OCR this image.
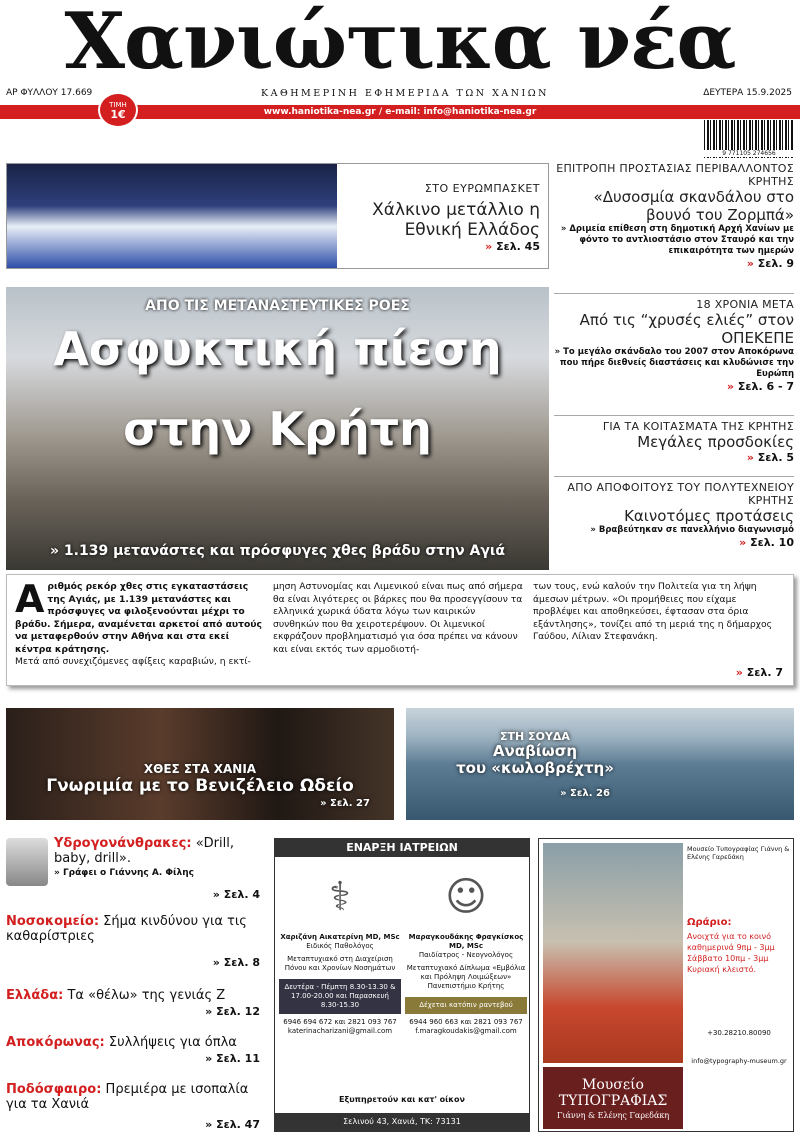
Χανιώτικα νέα
ΑΡ ΦΥΛΛΟΥ 17.669	ΚΑΘΗΜΕΡΙΝΗ ΕΦΗΜΕΡΙΔΑ ΤΩΝ ΧΑΝΙΩΝ	ΔΕΥΤΕΡΑ 15.9.2025
www.haniotika-nea.gr / e-mail: info@haniotika-nea.gr
ΤΙΜΗ
1€
9 771105 274656
ΣΤΟ ΕΥΡΩΜΠΑΣΚΕΤ
Χάλκινο μετάλλιο η Εθνική Ελλάδος
» Σελ. 45
ΑΠΟ ΤΙΣ ΜΕΤΑΝΑΣΤΕΥΤΙΚΕΣ ΡΟΕΣ
Ασφυκτική πίεση
στην Κρήτη
» 1.139 μετανάστες και πρόσφυγες χθες βράδυ στην Αγιά
Α ριθμός ρεκόρ χθες στις εγκαταστάσεις της Αγιάς, με 1.139 μετανάστες και πρόσφυγες να φιλοξενούνται μέχρι το βράδυ. Σήμερα, αναμένεται αρκετοί από αυτούς να μεταφερθούν στην Αθήνα και στα εκεί κέντρα κράτησης.
Μετά από συνεχιζόμενες αφίξεις καραβιών, η εκτί-
μηση Αστυνομίας και Λιμενικού είναι πως από σήμερα θα είναι λιγότερες οι βάρκες που θα προσεγγίσουν τα ελληνικά χωρικά ύδατα λόγω των καιρικών συνθηκών που θα χειροτερέψουν. Οι λιμενικοί εκφράζουν προβληματισμό για όσα πρέπει να κάνουν και είναι εκτός των αρμοδιοτή-
των τους, ενώ καλούν την Πολιτεία για τη λήψη άμεσων μέτρων. «Οι προμήθειες που είχαμε προβλέψει και αποθηκεύσει, έφτασαν στα όρια εξάντλησης», τονίζει από τη μεριά της η δήμαρχος Γαύδου, Λίλιαν Στεφανάκη.
» Σελ. 7
ΕΠΙΤΡΟΠΗ ΠΡΟΣΤΑΣΙΑΣ ΠΕΡΙΒΑΛΛΟΝΤΟΣ ΚΡΗΤΗΣ
«Δυσοσμία σκανδάλου στο βουνό του Ζορμπά»
» Δριμεία επίθεση στη δημοτική Αρχή Χανίων με φόντο το αντλιοστάσιο στον Σταυρό και την επικαιρότητα των ημερών
» Σελ. 9
18 ΧΡΟΝΙΑ ΜΕΤΑ
Από τις “χρυσές ελιές” στον ΟΠΕΚΕΠΕ
» Το μεγάλο σκάνδαλο του 2007 στον Αποκόρωνα που πήρε διεθνείς διαστάσεις και κλυδώνισε την Ευρώπη
» Σελ. 6 - 7
ΓΙΑ ΤΑ ΚΟΙΤΑΣΜΑΤΑ ΤΗΣ ΚΡΗΤΗΣ
Μεγάλες προσδοκίες
» Σελ. 5
ΑΠΟ ΑΠΟΦΟΙΤΟΥΣ ΤΟΥ ΠΟΛΥΤΕΧΝΕΙΟΥ ΚΡΗΤΗΣ
Καινοτόμες προτάσεις
» Βραβεύτηκαν σε πανελλήνιο διαγωνισμό
» Σελ. 10
ΧΘΕΣ ΣΤΑ ΧΑΝΙΑ
Γνωριμία με το Βενιζέλειο Ωδείο
» Σελ. 27
ΣΤΗ ΣΟΥΔΑ
Αναβίωση
του «κωλοβρέχτη»
» Σελ. 26
Υδρογονάνθρακες: «Drill, baby, drill».
» Γράφει ο Γιάννης Α. Φίλης
» Σελ. 4
Νοσοκομείο: Σήμα κινδύνου για τις καθαρίστριες
» Σελ. 8
Ελλάδα: Τα «θέλω» της γενιάς Ζ
» Σελ. 12
Αποκόρωνας: Συλλήψεις για όπλα
» Σελ. 11
Ποδόσφαιρο: Πρεμιέρα με ισοπαλία για τα Χανιά
» Σελ. 47
ΕΝΑΡΞΗ ΙΑΤΡΕΙΩΝ
⚕
Χαριζάνη Αικατερίνη MD, MSc
Ειδικός Παθολόγος
Μεταπτυχιακό στη Διαχείριση Πόνου και Χρονίων Νοσημάτων
Δευτέρα - Πέμπτη 8.30-13.30 & 17.00-20.00 και Παρασκευή 8.30-15.30
6946 694 672 και 2821 093 767
katerinacharizani@gmail.com
☺
Μαραγκουδάκης Φραγκίσκος MD, MSc
Παιδίατρος - Νεογνολόγος
Μεταπτυχιακό Δίπλωμα «Εμβόλια και Πρόληψη Λοιμώξεων» Πανεπιστήμιο Κρήτης
Δέχεται κατόπιν ραντεβού
6944 960 663 και 2821 093 767
f.maragkoudakis@gmail.com
Εξυπηρετούν και κατ' οίκον
Σελινού 43, Χανιά, ΤΚ: 73131
Μουσείο Τυπογραφίας Γιάννη & Ελένης Γαρεδάκη
Ωράριο:
Ανοιχτά για το κοινό καθημερινά 9πμ - 3μμ Σάββατο 10πμ - 3μμ Κυριακή κλειστό.
+30.28210.80090
info@typography-museum.gr
Μουσείο ΤΥΠΟΓΡΑΦΙΑΣ
Γιάννη & Ελένης Γαρεδάκη
